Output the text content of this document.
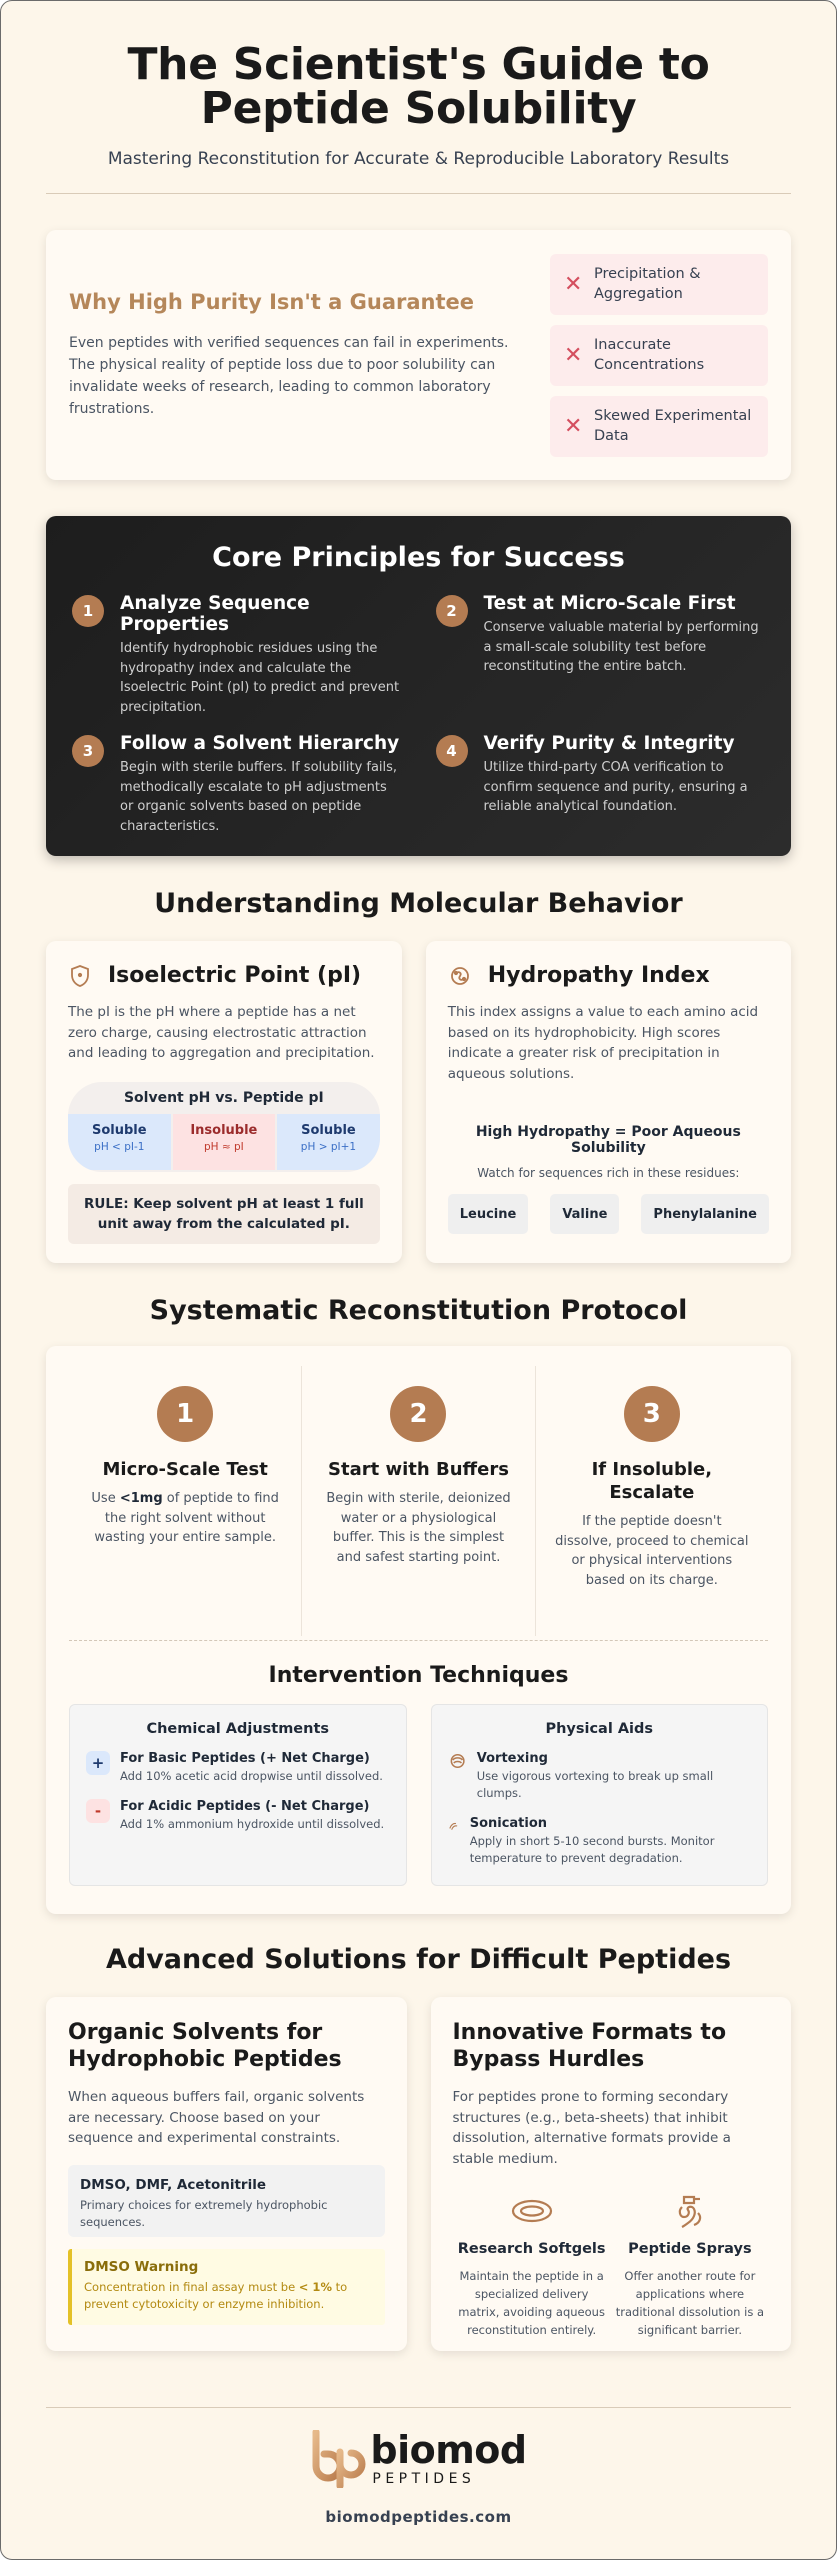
The Scientist's Guide to Peptide Solubility

Mastering Reconstitution for Accurate & Reproducible Laboratory Results

Why High Purity Isn't a Guarantee

Even peptides with verified sequences can fail in experiments. The physical reality of peptide loss due to poor solubility can invalidate weeks of research, leading to common laboratory frustrations.

✕ Precipitation & Aggregation
✕ Inaccurate Concentrations
✕ Skewed Experimental Data
Core Principles for Success
1	Analyze Sequence Properties
Identify hydrophobic residues using the hydropathy index and calculate the Isoelectric Point (pI) to predict and prevent precipitation.
2	Test at Micro-Scale First
Conserve valuable material by performing a small-scale solubility test before reconstituting the entire batch.
3	Follow a Solvent Hierarchy
Begin with sterile buffers. If solubility fails, methodically escalate to pH adjustments or organic solvents based on peptide characteristics.
4	Verify Purity & Integrity
Utilize third-party COA verification to confirm sequence and purity, ensuring a reliable analytical foundation.
Understanding Molecular Behavior
Isoelectric Point (pI)

The pI is the pH where a peptide has a net zero charge, causing electrostatic attraction and leading to aggregation and precipitation.

Solvent pH vs. Peptide pI
Soluble
pH < pI-1
Insoluble
pH ≈ pI
Soluble
pH > pI+1
RULE: Keep solvent pH at least 1 full unit away from the calculated pI.
Hydropathy Index

This index assigns a value to each amino acid based on its hydrophobicity. High scores indicate a greater risk of precipitation in aqueous solutions.

High Hydropathy = Poor Aqueous Solubility
Watch for sequences rich in these residues:
Leucine	Valine	Phenylalanine
Systematic Reconstitution Protocol
1
Micro-Scale Test
Use <1mg of peptide to find the right solvent without wasting your entire sample.
2
Start with Buffers
Begin with sterile, deionized water or a physiological buffer. This is the simplest and safest starting point.
3
If Insoluble, Escalate
If the peptide doesn't dissolve, proceed to chemical or physical interventions based on its charge.
Intervention Techniques
Chemical Adjustments
+	For Basic Peptides (+ Net Charge)
Add 10% acetic acid dropwise until dissolved.
-	For Acidic Peptides (- Net Charge)
Add 1% ammonium hydroxide until dissolved.
Physical Aids
Vortexing
Use vigorous vortexing to break up small clumps.
Sonication
Apply in short 5-10 second bursts. Monitor temperature to prevent degradation.
Advanced Solutions for Difficult Peptides
Organic Solvents for Hydrophobic Peptides

When aqueous buffers fail, organic solvents are necessary. Choose based on your sequence and experimental constraints.

DMSO, DMF, Acetonitrile
Primary choices for extremely hydrophobic sequences.
DMSO Warning
Concentration in final assay must be < 1% to prevent cytotoxicity or enzyme inhibition.
Innovative Formats to Bypass Hurdles

For peptides prone to forming secondary structures (e.g., beta-sheets) that inhibit dissolution, alternative formats provide a stable medium.

Research Softgels
Maintain the peptide in a specialized delivery matrix, avoiding aqueous reconstitution entirely.
Peptide Sprays
Offer another route for applications where traditional dissolution is a significant barrier.
biomod
PEPTIDES
biomodpeptides.com
